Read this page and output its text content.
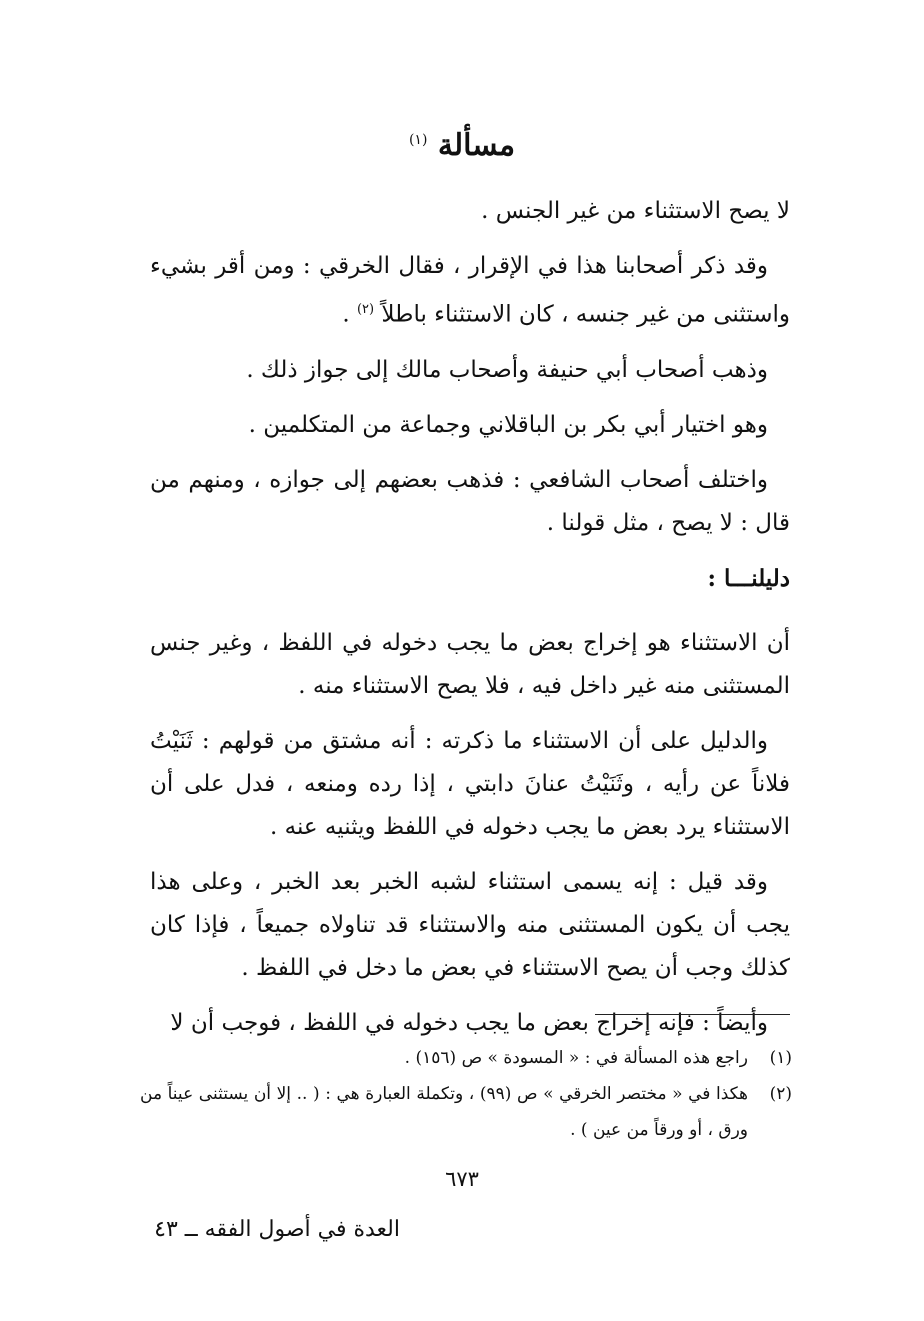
مسألة $^{(١)}$

لا يصح الاستثناء من غير الجنس .

وقد ذكر أصحابنا هذا في الإقرار ، فقال الخرقي : ومن أقر بشيء واستثنى من غير جنسه ، كان الاستثناء باطلاً $^{(٢)}$ .

وذهب أصحاب أبي حنيفة وأصحاب مالك إلى جواز ذلك .

وهو اختيار أبي بكر بن الباقلاني وجماعة من المتكلمين .

واختلف أصحاب الشافعي : فذهب بعضهم إلى جوازه ، ومنهم من قال : لا يصح ، مثل قولنا .

دليلنـــا :

أن الاستثناء هو إخراج بعض ما يجب دخوله في اللفظ ، وغير جنس المستثنى منه غير داخل فيه ، فلا يصح الاستثناء منه .

والدليل على أن الاستثناء ما ذكرته : أنه مشتق من قولهم : ثَنَيْتُ فلاناً عن رأيه ، وثَنَيْتُ عنانَ دابتي ، إذا رده ومنعه ، فدل على أن الاستثناء يرد بعض ما يجب دخوله في اللفظ ويثنيه عنه .

وقد قيل : إنه يسمى استثناء لشبه الخبر بعد الخبر ، وعلى هذا يجب أن يكون المستثنى منه والاستثناء قد تناولاه جميعاً ، فإذا كان كذلك وجب أن يصح الاستثناء في بعض ما دخل في اللفظ .

وأيضاً : فإنه إخراج بعض ما يجب دخوله في اللفظ ، فوجب أن لا

(١)
راجع هذه المسألة في : « المسودة » ص (١٥٦) .
(٢)
هكذا في « مختصر الخرقي » ص (٩٩) ، وتكملة العبارة هي : ( .. إلا أن يستثنى عيناً من ورق ، أو ورقاً من عين ) .
٦٧٣
العدة في أصول الفقه ــ ٤٣
